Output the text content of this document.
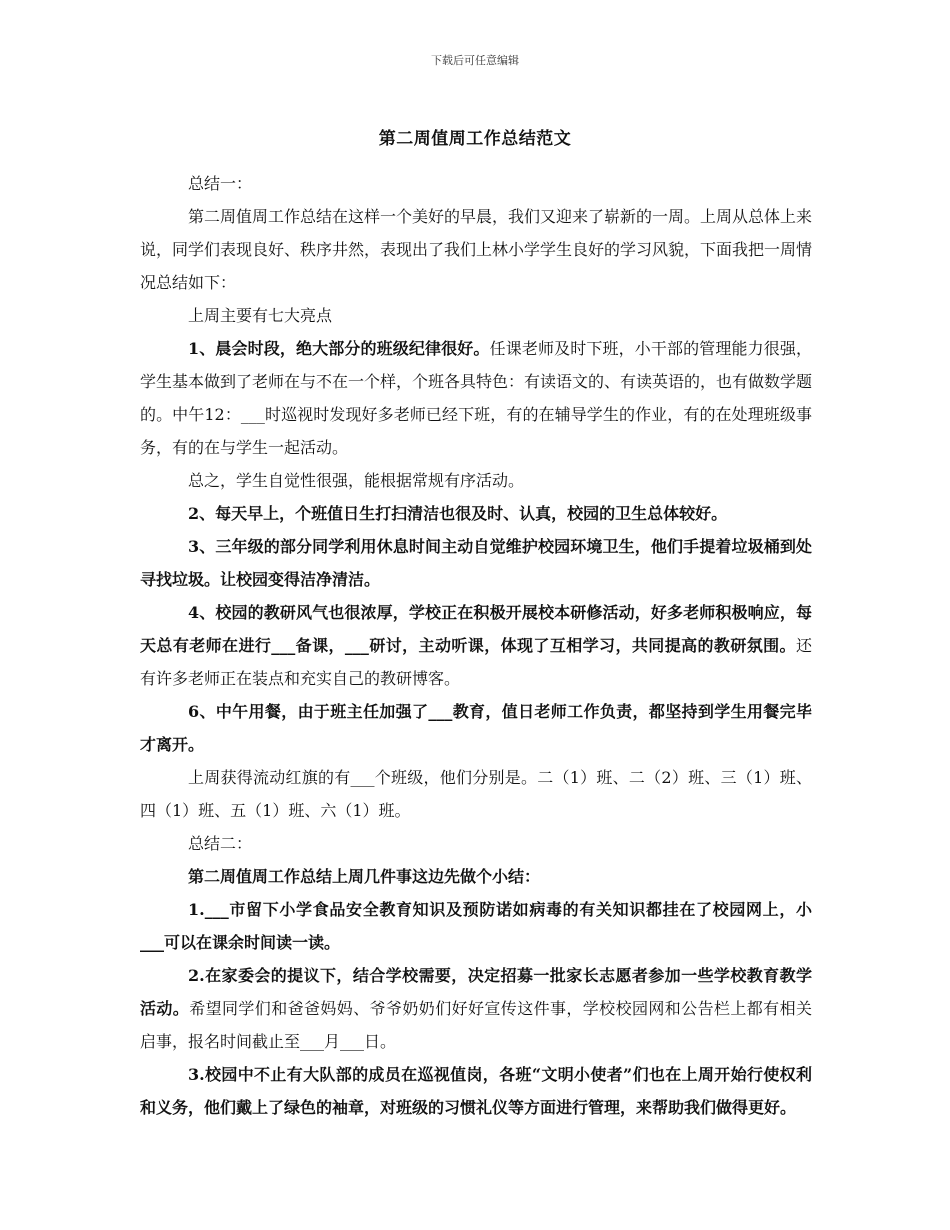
下载后可任意编辑
第二周值周工作总结范文

总结一：

第二周值周工作总结在这样一个美好的早晨，我们又迎来了崭新的一周。上周从总体上来说，同学们表现良好、秩序井然，表现出了我们上林小学学生良好的学习风貌，下面我把一周情况总结如下：

上周主要有七大亮点

1、晨会时段，绝大部分的班级纪律很好。任课老师及时下班，小干部的管理能力很强，学生基本做到了老师在与不在一个样，个班各具特色：有读语文的、有读英语的，也有做数学题的。中午12：___时巡视时发现好多老师已经下班，有的在辅导学生的作业，有的在处理班级事务，有的在与学生一起活动。

总之，学生自觉性很强，能根据常规有序活动。

2、每天早上，个班值日生打扫清洁也很及时、认真，校园的卫生总体较好。

3、三年级的部分同学利用休息时间主动自觉维护校园环境卫生，他们手提着垃圾桶到处寻找垃圾。让校园变得洁净清洁。

4、校园的教研风气也很浓厚，学校正在积极开展校本研修活动，好多老师积极响应，每天总有老师在进行___备课，___研讨，主动听课，体现了互相学习，共同提高的教研氛围。还有许多老师正在装点和充实自己的教研博客。

6、中午用餐，由于班主任加强了___教育，值日老师工作负责，都坚持到学生用餐完毕才离开。

上周获得流动红旗的有___个班级，他们分别是。二（1）班、二（2）班、三（1）班、四（1）班、五（1）班、六（1）班。

总结二：

第二周值周工作总结上周几件事这边先做个小结：

1.___市留下小学食品安全教育知识及预防诺如病毒的有关知识都挂在了校园网上，小___可以在课余时间读一读。

2.在家委会的提议下，结合学校需要，决定招募一批家长志愿者参加一些学校教育教学活动。希望同学们和爸爸妈妈、爷爷奶奶们好好宣传这件事，学校校园网和公告栏上都有相关启事，报名时间截止至___月___日。

3.校园中不止有大队部的成员在巡视值岗，各班“文明小使者”们也在上周开始行使权利和义务，他们戴上了绿色的袖章，对班级的习惯礼仪等方面进行管理，来帮助我们做得更好。
